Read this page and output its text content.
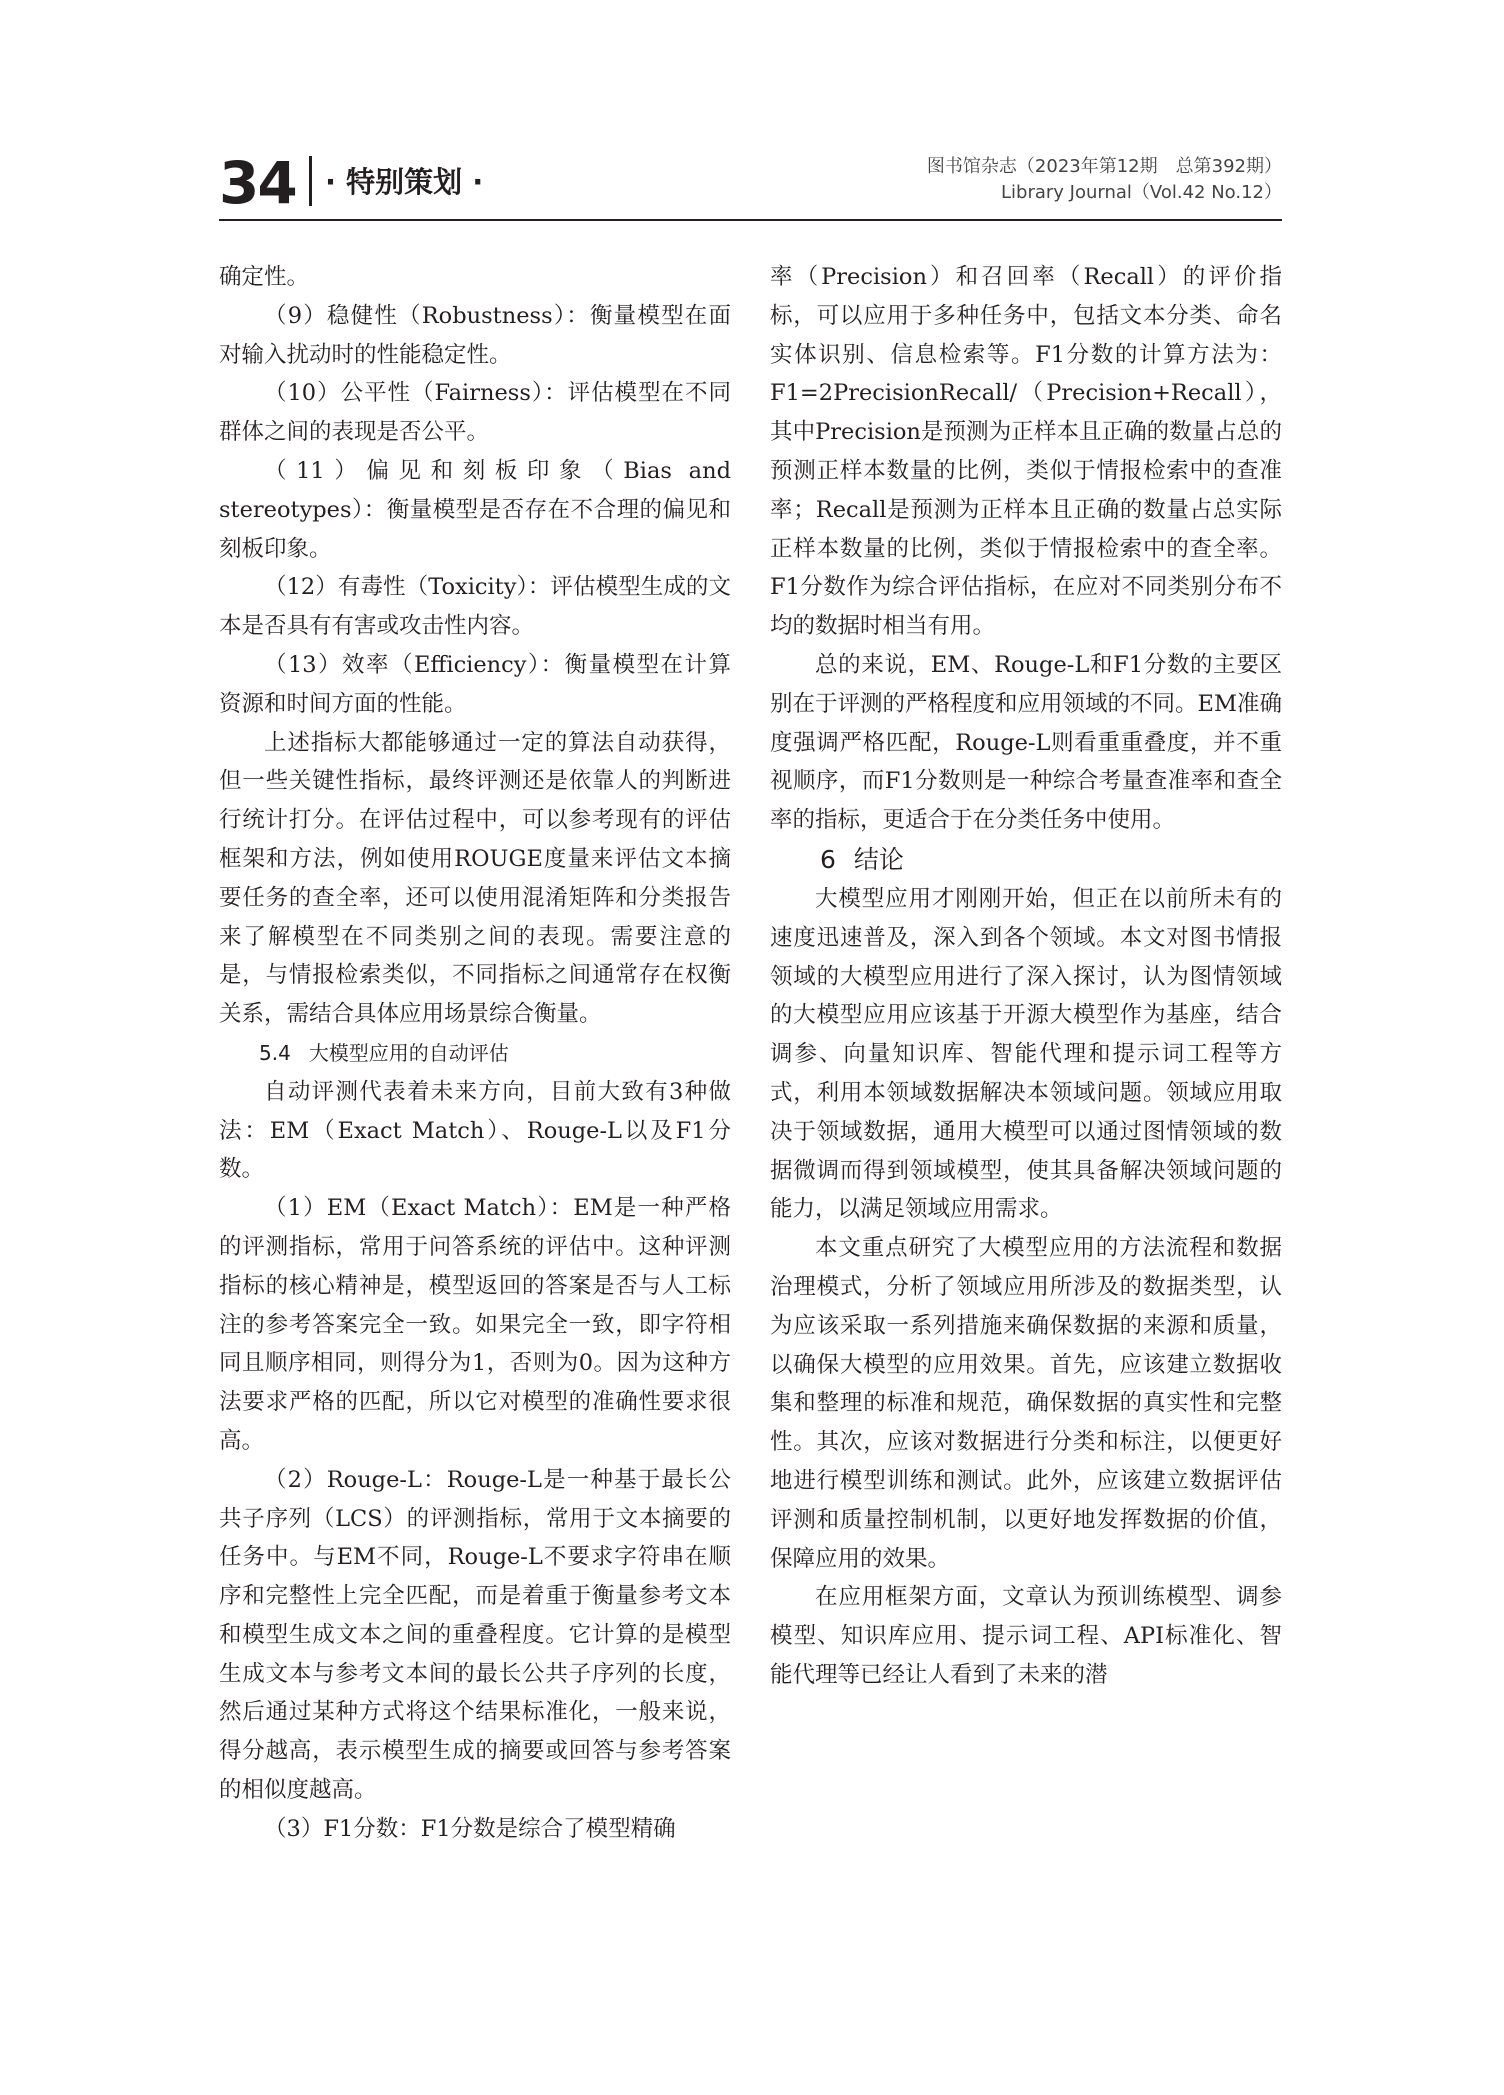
34 · 特别策划 ·	图书馆杂志（2023年第12期　总第392期）
Library Journal（Vol.42 No.12）

确定性。

（9）稳健性（Robustness）：衡量模型在面对输入扰动时的性能稳定性。

（10）公平性（Fairness）：评估模型在不同群体之间的表现是否公平。

（11）偏见和刻板印象（Bias and stereotypes）：衡量模型是否存在不合理的偏见和刻板印象。

（12）有毒性（Toxicity）：评估模型生成的文本是否具有有害或攻击性内容。

（13）效率（Efficiency）：衡量模型在计算资源和时间方面的性能。

上述指标大都能够通过一定的算法自动获得，但一些关键性指标，最终评测还是依靠人的判断进行统计打分。在评估过程中，可以参考现有的评估框架和方法，例如使用ROUGE度量来评估文本摘要任务的查全率，还可以使用混淆矩阵和分类报告来了解模型在不同类别之间的表现。需要注意的是，与情报检索类似，不同指标之间通常存在权衡关系，需结合具体应用场景综合衡量。

5.4 大模型应用的自动评估

自动评测代表着未来方向，目前大致有3种做法：EM（Exact Match）、Rouge-L以及F1分数。

（1）EM（Exact Match）：EM是一种严格的评测指标，常用于问答系统的评估中。这种评测指标的核心精神是，模型返回的答案是否与人工标注的参考答案完全一致。如果完全一致，即字符相同且顺序相同，则得分为1，否则为0。因为这种方法要求严格的匹配，所以它对模型的准确性要求很高。

（2）Rouge-L：Rouge-L是一种基于最长公共子序列（LCS）的评测指标，常用于文本摘要的任务中。与EM不同，Rouge-L不要求字符串在顺序和完整性上完全匹配，而是着重于衡量参考文本和模型生成文本之间的重叠程度。它计算的是模型生成文本与参考文本间的最长公共子序列的长度，然后通过某种方式将这个结果标准化，一般来说，得分越高，表示模型生成的摘要或回答与参考答案的相似度越高。

（3）F1分数：F1分数是综合了模型精确

率（Precision）和召回率（Recall）的评价指标，可以应用于多种任务中，包括文本分类、命名实体识别、信息检索等。F1分数的计算方法为：F1=2PrecisionRecall/（Precision+Recall），其中Precision是预测为正样本且正确的数量占总的预测正样本数量的比例，类似于情报检索中的查准率；Recall是预测为正样本且正确的数量占总实际正样本数量的比例，类似于情报检索中的查全率。F1分数作为综合评估指标，在应对不同类别分布不均的数据时相当有用。

总的来说，EM、Rouge-L和F1分数的主要区别在于评测的严格程度和应用领域的不同。EM准确度强调严格匹配，Rouge-L则看重重叠度，并不重视顺序，而F1分数则是一种综合考量查准率和查全率的指标，更适合于在分类任务中使用。

6 结论

大模型应用才刚刚开始，但正在以前所未有的速度迅速普及，深入到各个领域。本文对图书情报领域的大模型应用进行了深入探讨，认为图情领域的大模型应用应该基于开源大模型作为基座，结合调参、向量知识库、智能代理和提示词工程等方式，利用本领域数据解决本领域问题。领域应用取决于领域数据，通用大模型可以通过图情领域的数据微调而得到领域模型，使其具备解决领域问题的能力，以满足领域应用需求。

本文重点研究了大模型应用的方法流程和数据治理模式，分析了领域应用所涉及的数据类型，认为应该采取一系列措施来确保数据的来源和质量，以确保大模型的应用效果。首先，应该建立数据收集和整理的标准和规范，确保数据的真实性和完整性。其次，应该对数据进行分类和标注，以便更好地进行模型训练和测试。此外，应该建立数据评估评测和质量控制机制，以更好地发挥数据的价值，保障应用的效果。

在应用框架方面，文章认为预训练模型、调参模型、知识库应用、提示词工程、API标准化、智能代理等已经让人看到了未来的潜
